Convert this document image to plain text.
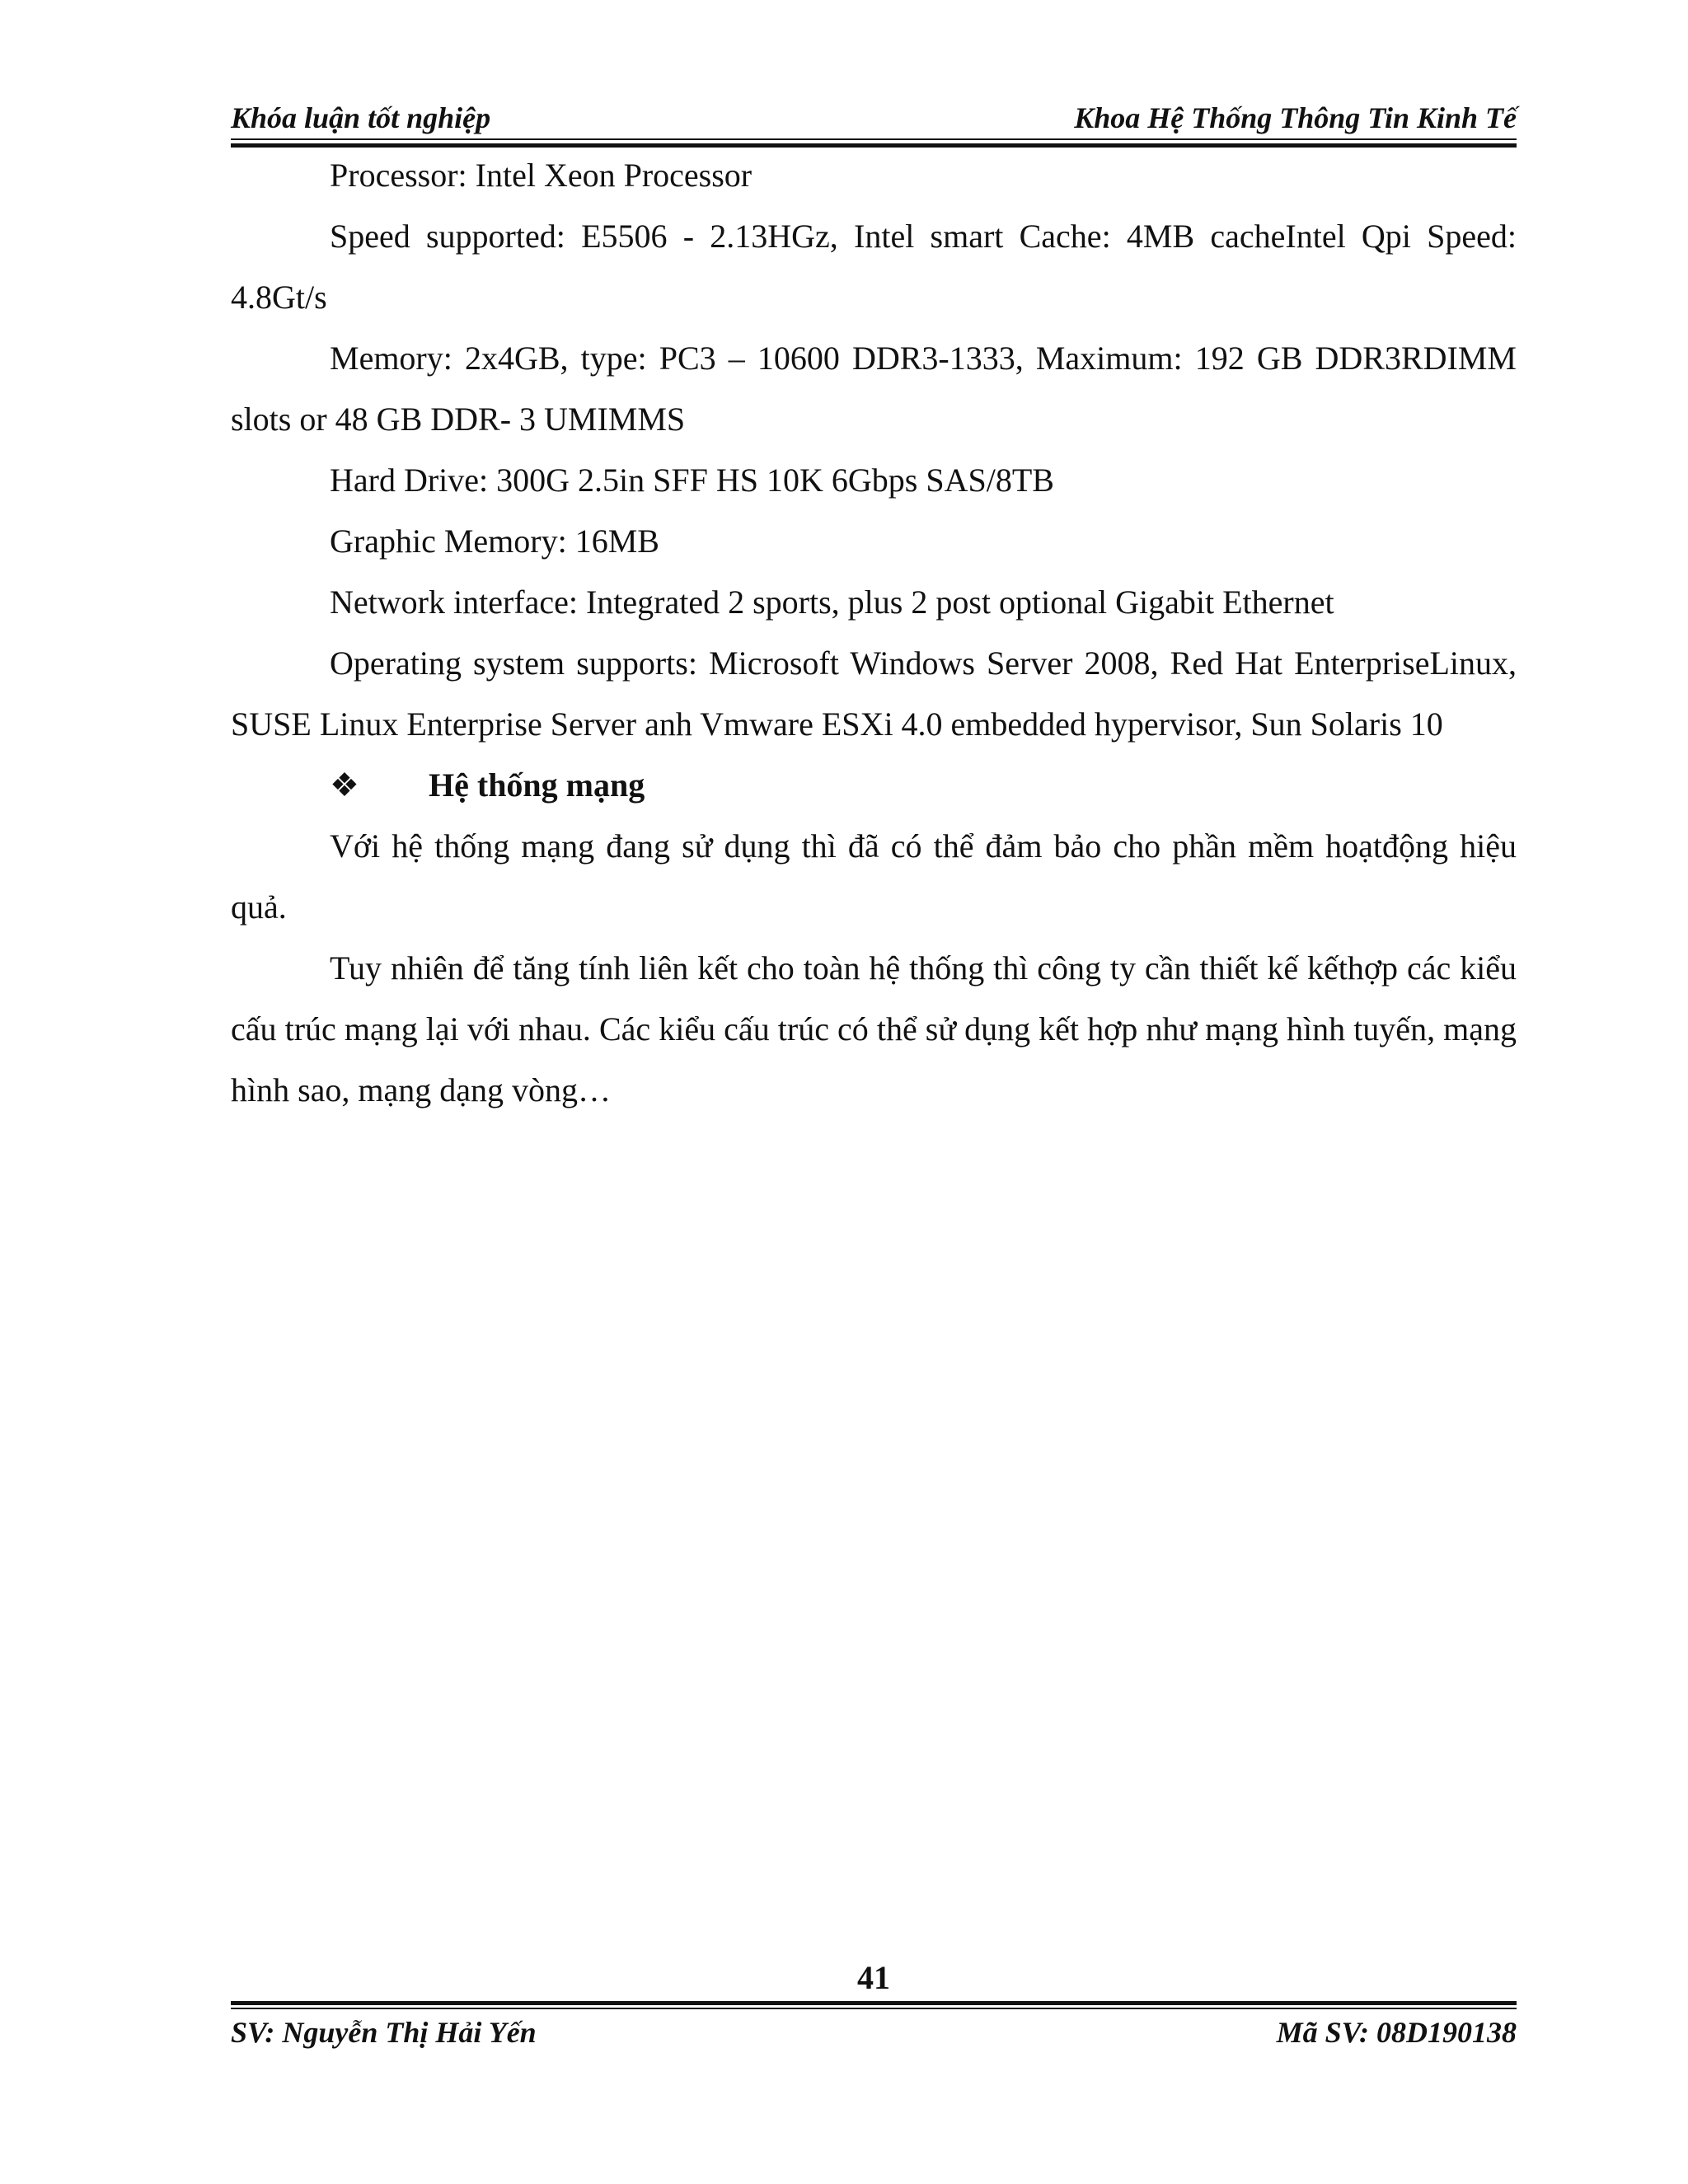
Khóa luận tốt nghiệp	Khoa Hệ Thống Thông Tin Kinh Tế

Processor: Intel Xeon Processor

Speed supported: E5506 - 2.13HGz, Intel smart Cache: 4MB cacheIntel Qpi Speed: 4.8Gt/s

Memory: 2x4GB, type: PC3 – 10600 DDR3-1333, Maximum: 192 GB DDR3RDIMM slots or 48 GB DDR- 3 UMIMMS

Hard Drive: 300G 2.5in SFF HS 10K 6Gbps SAS/8TB

Graphic Memory: 16MB

Network interface: Integrated 2 sports, plus 2 post optional Gigabit Ethernet

Operating system supports: Microsoft Windows Server 2008, Red Hat EnterpriseLinux, SUSE Linux Enterprise Server anh Vmware ESXi 4.0 embedded hypervisor, Sun Solaris 10

❖ Hệ thống mạng

Với hệ thống mạng đang sử dụng thì đã có thể đảm bảo cho phần mềm hoạtđộng hiệu quả.

Tuy nhiên để tăng tính liên kết cho toàn hệ thống thì công ty cần thiết kế kếthợp các kiểu cấu trúc mạng lại với nhau. Các kiểu cấu trúc có thể sử dụng kết hợp như mạng hình tuyến, mạng hình sao, mạng dạng vòng…

41
SV: Nguyễn Thị Hải Yến	Mã SV: 08D190138
